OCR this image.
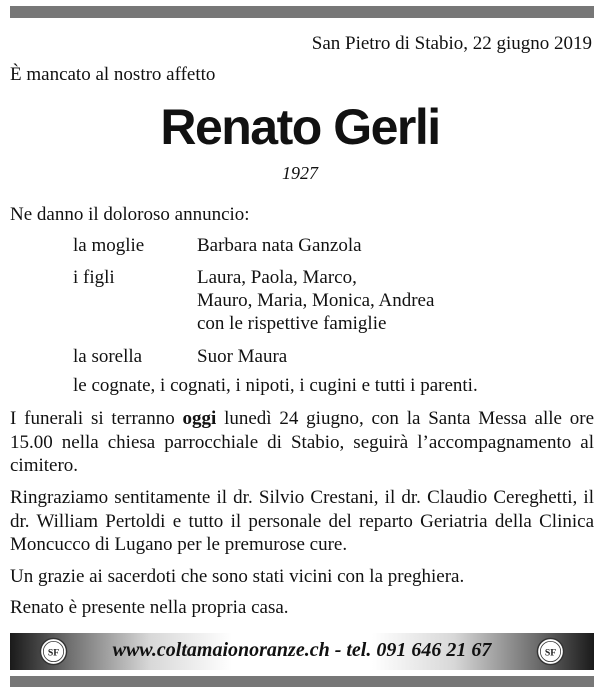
San Pietro di Stabio, 22 giugno 2019
È mancato al nostro affetto
Renato Gerli
1927
Ne danno il doloroso annuncio:
la moglie	Barbara nata Ganzola
i figli	Laura, Paola, Marco,
Mauro, Maria, Monica, Andrea
con le rispettive famiglie
la sorella	Suor Maura
le cognate, i cognati, i nipoti, i cugini e tutti i parenti.
I funerali si terranno oggi lunedì 24 giugno, con la Santa Messa alle ore 15.00 nella chiesa parrocchiale di Stabio, seguirà l’accompagnamento al cimitero.
Ringraziamo sentitamente il dr. Silvio Crestani, il dr. Claudio Cereghetti, il dr. William Pertoldi e tutto il personale del reparto Geriatria della Clinica Moncucco di Lugano per le premurose cure.
Un grazie ai sacerdoti che sono stati vicini con la preghiera.
Renato è presente nella propria casa.
SF	www.coltamaionoranze.ch - tel. 091 646 21 67	SF
